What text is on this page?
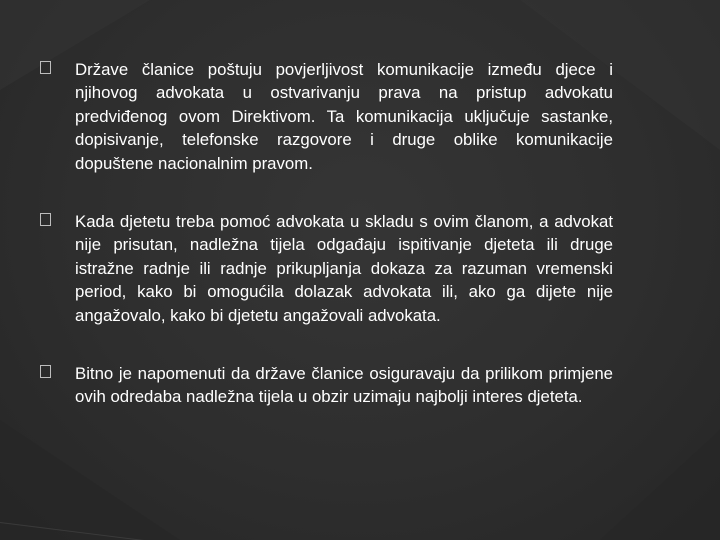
Države članice poštuju povjerljivost komunikacije između djece i njihovog advokata u ostvarivanju prava na pristup advokatu predviđenog ovom Direktivom. Ta komunikacija uključuje sastanke, dopisivanje, telefonske razgovore i druge oblike komunikacije dopuštene nacionalnim pravom.
Kada djetetu treba pomoć advokata u skladu s ovim članom, a advokat nije prisutan, nadležna tijela odgađaju ispitivanje djeteta ili druge istražne radnje ili radnje prikupljanja dokaza za razuman vremenski period, kako bi omogućila dolazak advokata ili, ako ga dijete nije angažovalo, kako bi djetetu angažovali advokata.
Bitno je napomenuti da države članice osiguravaju da prilikom primjene ovih odredaba nadležna tijela u obzir uzimaju najbolji interes djeteta.
